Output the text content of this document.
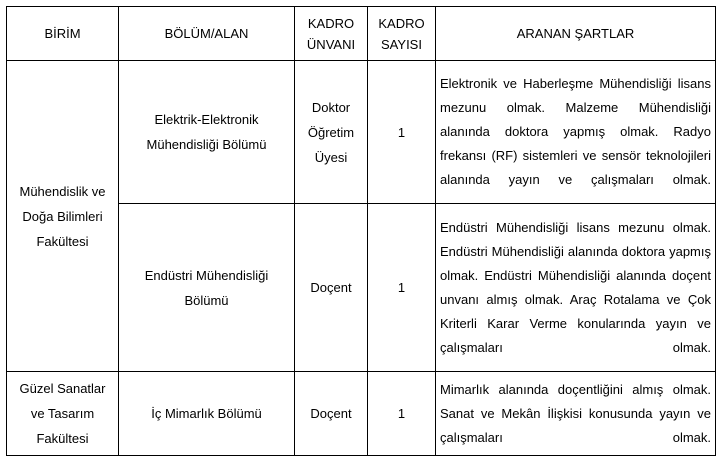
BİRİM	BÖLÜM/ALAN	KADRO ÜNVANI	KADRO SAYISI	ARANAN ŞARTLAR
Mühendislik ve Doğa Bilimleri Fakültesi	Elektrik-Elektronik Mühendisliği Bölümü	Doktor Öğretim Üyesi	1	Elektronik ve Haberleşme Mühendisliği lisans mezunu olmak. Malzeme Mühendisliği alanında doktora yapmış olmak. Radyo frekansı (RF) sistemleri ve sensör teknolojileri alanında yayın ve çalışmaları olmak.
	Endüstri Mühendisliği Bölümü	Doçent	1	Endüstri Mühendisliği lisans mezunu olmak. Endüstri Mühendisliği alanında doktora yapmış olmak. Endüstri Mühendisliği alanında doçent unvanı almış olmak. Araç Rotalama ve Çok Kriterli Karar Verme konularında yayın ve çalışmaları olmak.
Güzel Sanatlar ve Tasarım Fakültesi	İç Mimarlık Bölümü	Doçent	1	Mimarlık alanında doçentliğini almış olmak. Sanat ve Mekân İlişkisi konusunda yayın ve çalışmaları olmak.
